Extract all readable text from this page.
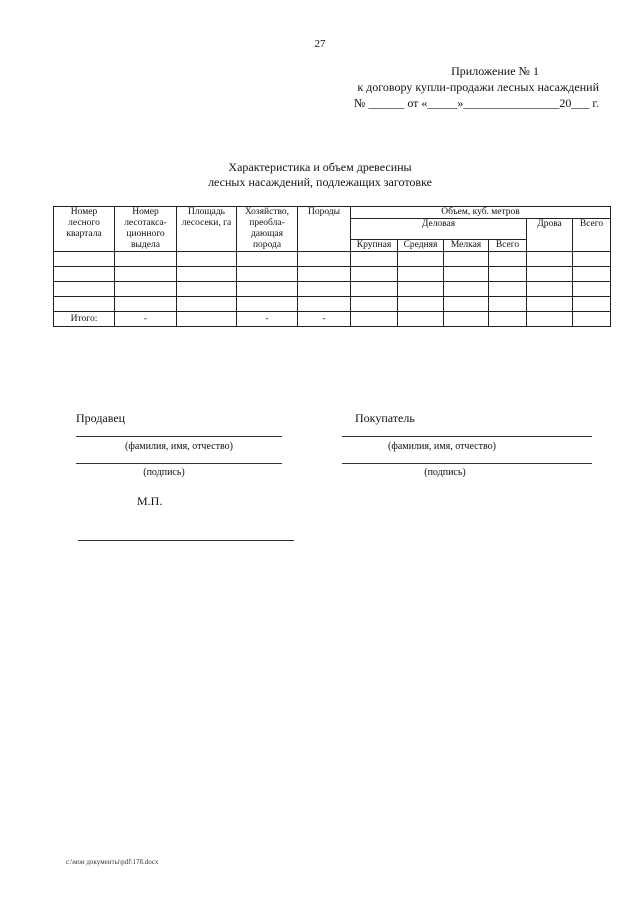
27
Приложение № 1
к договору купли-продажи лесных насаждений
№ ______ от «_____»________________20___ г.
Характеристика и объем древесины
лесных насаждений, подлежащих заготовке
Номер лесного квартала	Номер лесотакса-ционного выдела	Площадь лесосеки, га	Хозяйство, преобла-дающая порода	Породы	Объем, куб. метров					
					Деловая				Дрова	Всего
					Крупная	Средняя	Мелкая	Всего		

Итого:	-		-	-						
Продавец	Покупатель
(фамилия, имя, отчество)
(подпись)
(фамилия, имя, отчество)
(подпись)
М.П.
c:\мои документы\pdf\178.docx
